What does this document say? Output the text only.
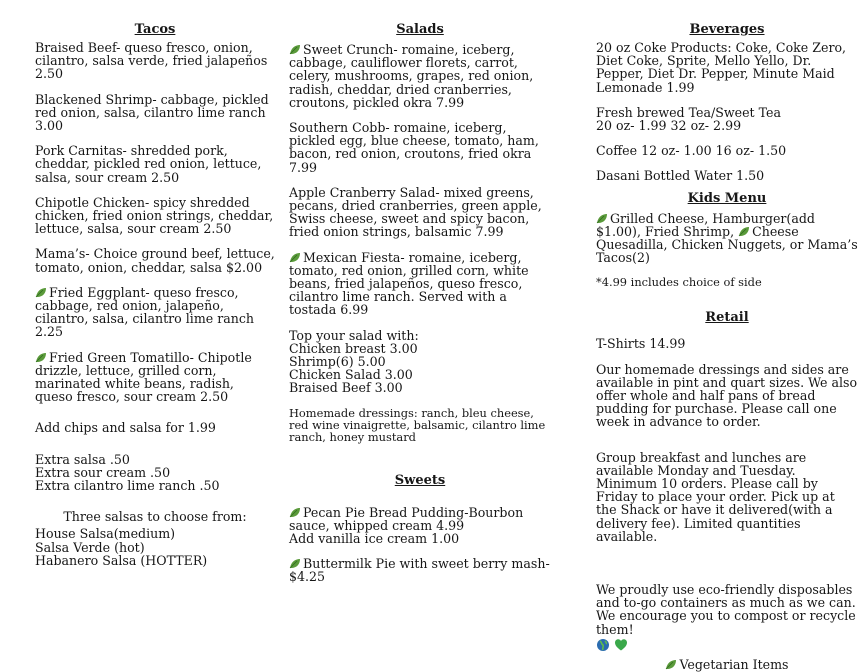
Tacos
Braised Beef- queso fresco, onion, cilantro, salsa verde, fried jalapeños 2.50
Blackened Shrimp- cabbage, pickled red onion, salsa, cilantro lime ranch 3.00
Pork Carnitas- shredded pork, cheddar, pickled red onion, lettuce, salsa, sour cream 2.50
Chipotle Chicken- spicy shredded chicken, fried onion strings, cheddar, lettuce, salsa, sour cream 2.50
Mama’s- Choice ground beef, lettuce, tomato, onion, cheddar, salsa $2.00
Fried Eggplant- queso fresco, cabbage, red onion, jalapeño, cilantro, salsa, cilantro lime ranch 2.25
Fried Green Tomatillo- Chipotle drizzle, lettuce, grilled corn, marinated white beans, radish, queso fresco, sour cream 2.50
Add chips and salsa for 1.99
Extra salsa .50
Extra sour cream .50
Extra cilantro lime ranch .50
Three salsas to choose from:
House Salsa(medium)
Salsa Verde (hot)
Habanero Salsa (HOTTER)
Salads
Sweet Crunch- romaine, iceberg, cabbage, cauliflower florets, carrot, celery, mushrooms, grapes, red onion, radish, cheddar, dried cranberries, croutons, pickled okra 7.99
Southern Cobb- romaine, iceberg, pickled egg, blue cheese, tomato, ham, bacon, red onion, croutons, fried okra 7.99
Apple Cranberry Salad- mixed greens, pecans, dried cranberries, green apple, Swiss cheese, sweet and spicy bacon, fried onion strings, balsamic 7.99
Mexican Fiesta- romaine, iceberg, tomato, red onion, grilled corn, white beans, fried jalapeños, queso fresco, cilantro lime ranch. Served with a tostada 6.99
Top your salad with:
Chicken breast 3.00
Shrimp(6) 5.00
Chicken Salad 3.00
Braised Beef 3.00
Homemade dressings: ranch, bleu cheese, red wine vinaigrette, balsamic, cilantro lime ranch, honey mustard
Sweets
Pecan Pie Bread Pudding-Bourbon sauce, whipped cream 4.99
Add vanilla ice cream 1.00
Buttermilk Pie with sweet berry mash- $4.25
Beverages
20 oz Coke Products: Coke, Coke Zero, Diet Coke, Sprite, Mello Yello, Dr. Pepper, Diet Dr. Pepper, Minute Maid Lemonade 1.99
Fresh brewed Tea/Sweet Tea
20 oz- 1.99 32 oz- 2.99
Coffee 12 oz- 1.00 16 oz- 1.50
Dasani Bottled Water 1.50
Kids Menu
Grilled Cheese, Hamburger(add $1.00), Fried Shrimp, Cheese Quesadilla, Chicken Nuggets, or Mama’s Tacos(2)
*4.99 includes choice of side
Retail
T-Shirts 14.99
Our homemade dressings and sides are available in pint and quart sizes. We also offer whole and half pans of bread pudding for purchase. Please call one week in advance to order.
Group breakfast and lunches are available Monday and Tuesday. Minimum 10 orders. Please call by Friday to place your order. Pick up at the Shack or have it delivered(with a delivery fee). Limited quantities available.
We proudly use eco-friendly disposables and to-go containers as much as we can. We encourage you to compost or recycle them!

Vegetarian Items
